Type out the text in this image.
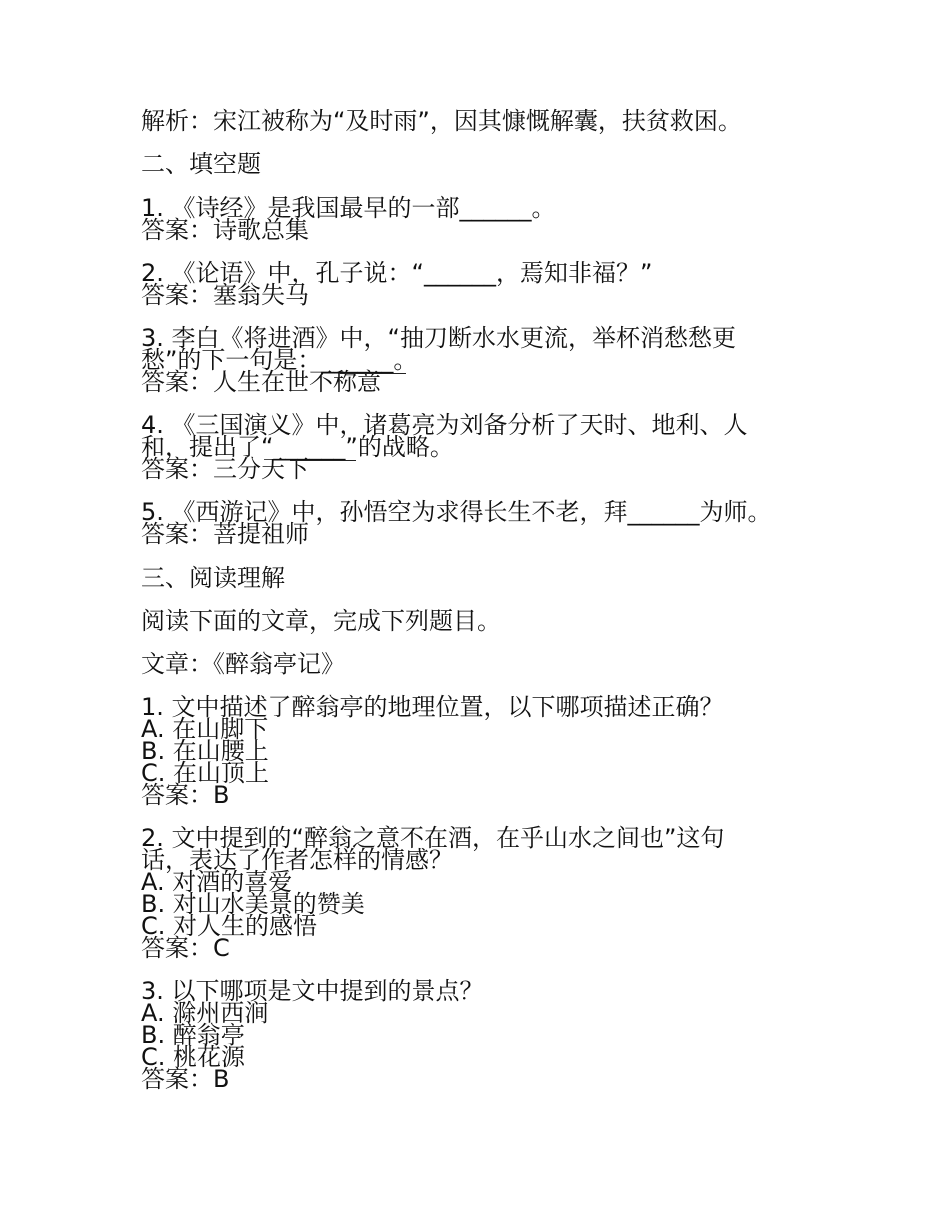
解析：宋江被称为“及时雨”，因其慷慨解囊，扶贫救困。
二、填空题
1. 《诗经》是我国最早的一部______。
答案：诗歌总集
2. 《论语》中，孔子说：“______，焉知非福？”
答案：塞翁失马
3. 李白《将进酒》中，“抽刀断水水更流，举杯消愁愁更
愁”的下一句是：______。
答案：人生在世不称意
4. 《三国演义》中，诸葛亮为刘备分析了天时、地利、人
和，提出了“______”的战略。
答案：三分天下
5. 《西游记》中，孙悟空为求得长生不老，拜______为师。
答案：菩提祖师
三、阅读理解
阅读下面的文章，完成下列题目。
文章：《醉翁亭记》
1. 文中描述了醉翁亭的地理位置，以下哪项描述正确？
A. 在山脚下
B. 在山腰上
C. 在山顶上
答案：B
2. 文中提到的“醉翁之意不在酒，在乎山水之间也”这句
话，表达了作者怎样的情感？
A. 对酒的喜爱
B. 对山水美景的赞美
C. 对人生的感悟
答案：C
3. 以下哪项是文中提到的景点？
A. 滁州西涧
B. 醉翁亭
C. 桃花源
答案：B
